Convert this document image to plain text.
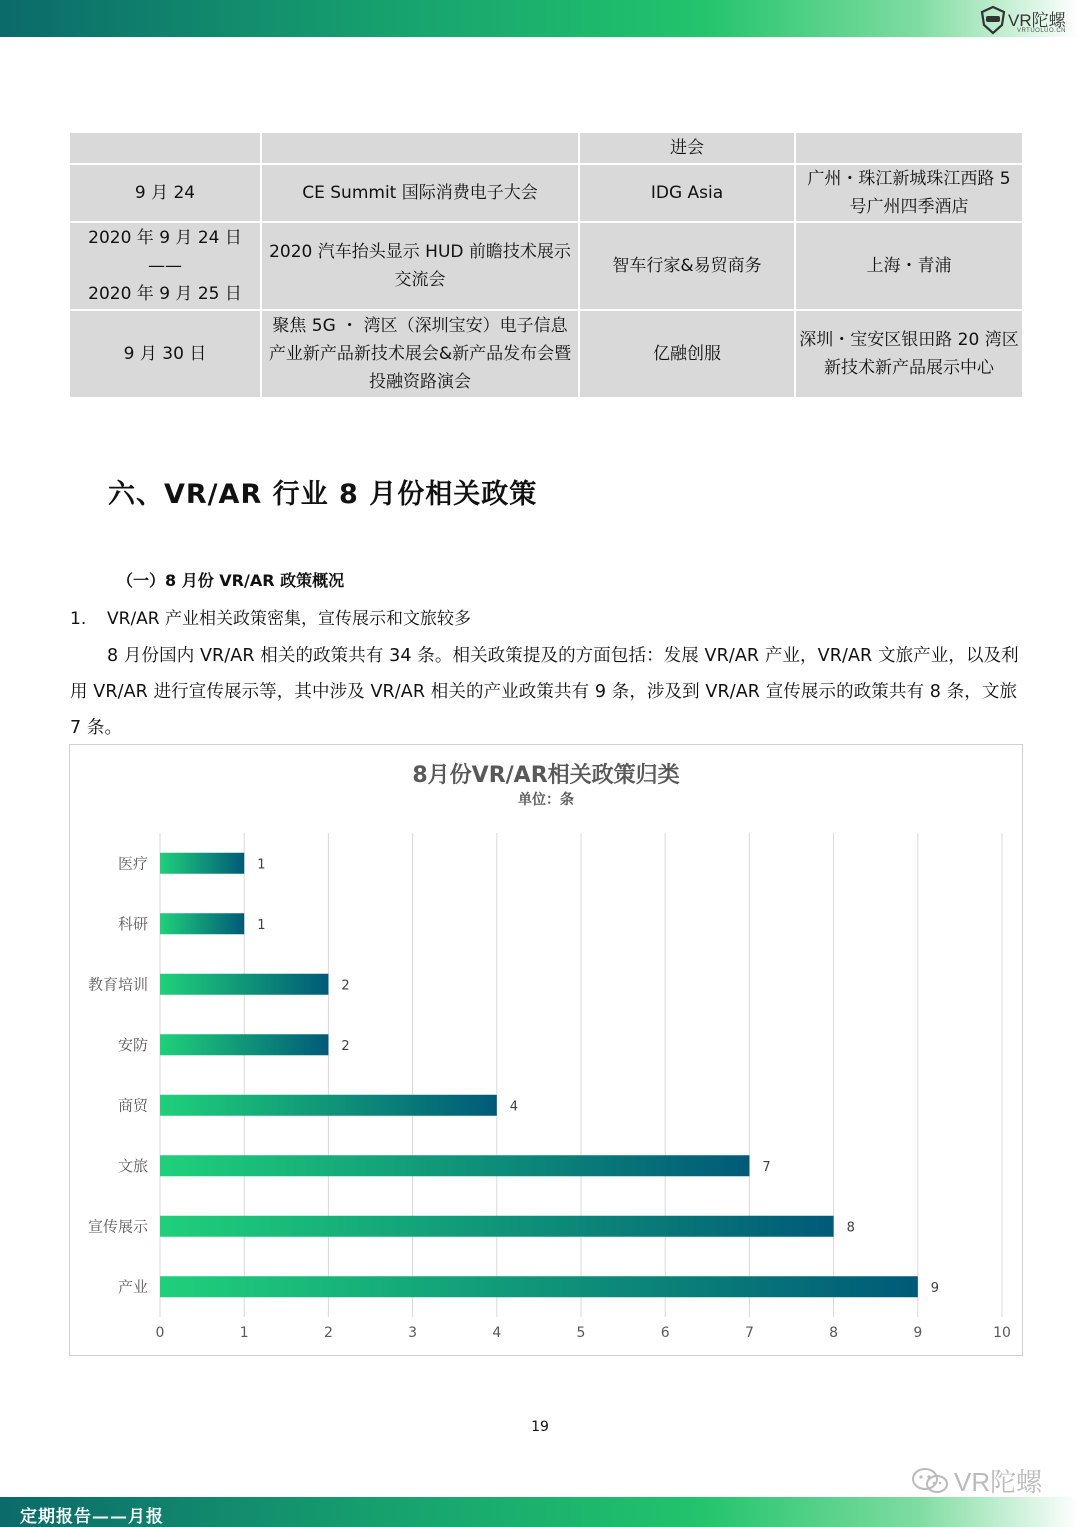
VR陀螺
VRTUOLUO.CN
		进会	
9 月 24	CE Summit 国际消费电子大会	IDG Asia	广州・珠江新城珠江西路 5 号广州四季酒店

2020 年 9 月 24 日
——
2020 年 9 月 25 日	2020 汽车抬头显示 HUD 前瞻技术展示交流会	智车行家&易贸商务	上海・青浦
9 月 30 日	聚焦 5G ・ 湾区（深圳宝安）电子信息产业新产品新技术展会&新产品发布会暨投融资路演会	亿融创服	深圳・宝安区银田路 20 湾区新技术新产品展示中心
六、VR/AR 行业 8 月份相关政策
（一）8 月份 VR/AR 政策概况
1. VR/AR 产业相关政策密集，宣传展示和文旅较多
8 月份国内 VR/AR 相关的政策共有 34 条。相关政策提及的方面包括：发展 VR/AR 产业，VR/AR 文旅产业，以及利用 VR/AR 进行宣传展示等，其中涉及 VR/AR 相关的产业政策共有 9 条，涉及到 VR/AR 宣传展示的政策共有 8 条，文旅 7 条。
8月份VR/AR相关政策归类
单位：条
0	1	2	3	4	5	6	7	8	9	10
医疗	1
科研	1
教育培训	2
安防	2
商贸	4
文旅	7
宣传展示	8
产业	9
19
VR陀螺
定期报告——月报
